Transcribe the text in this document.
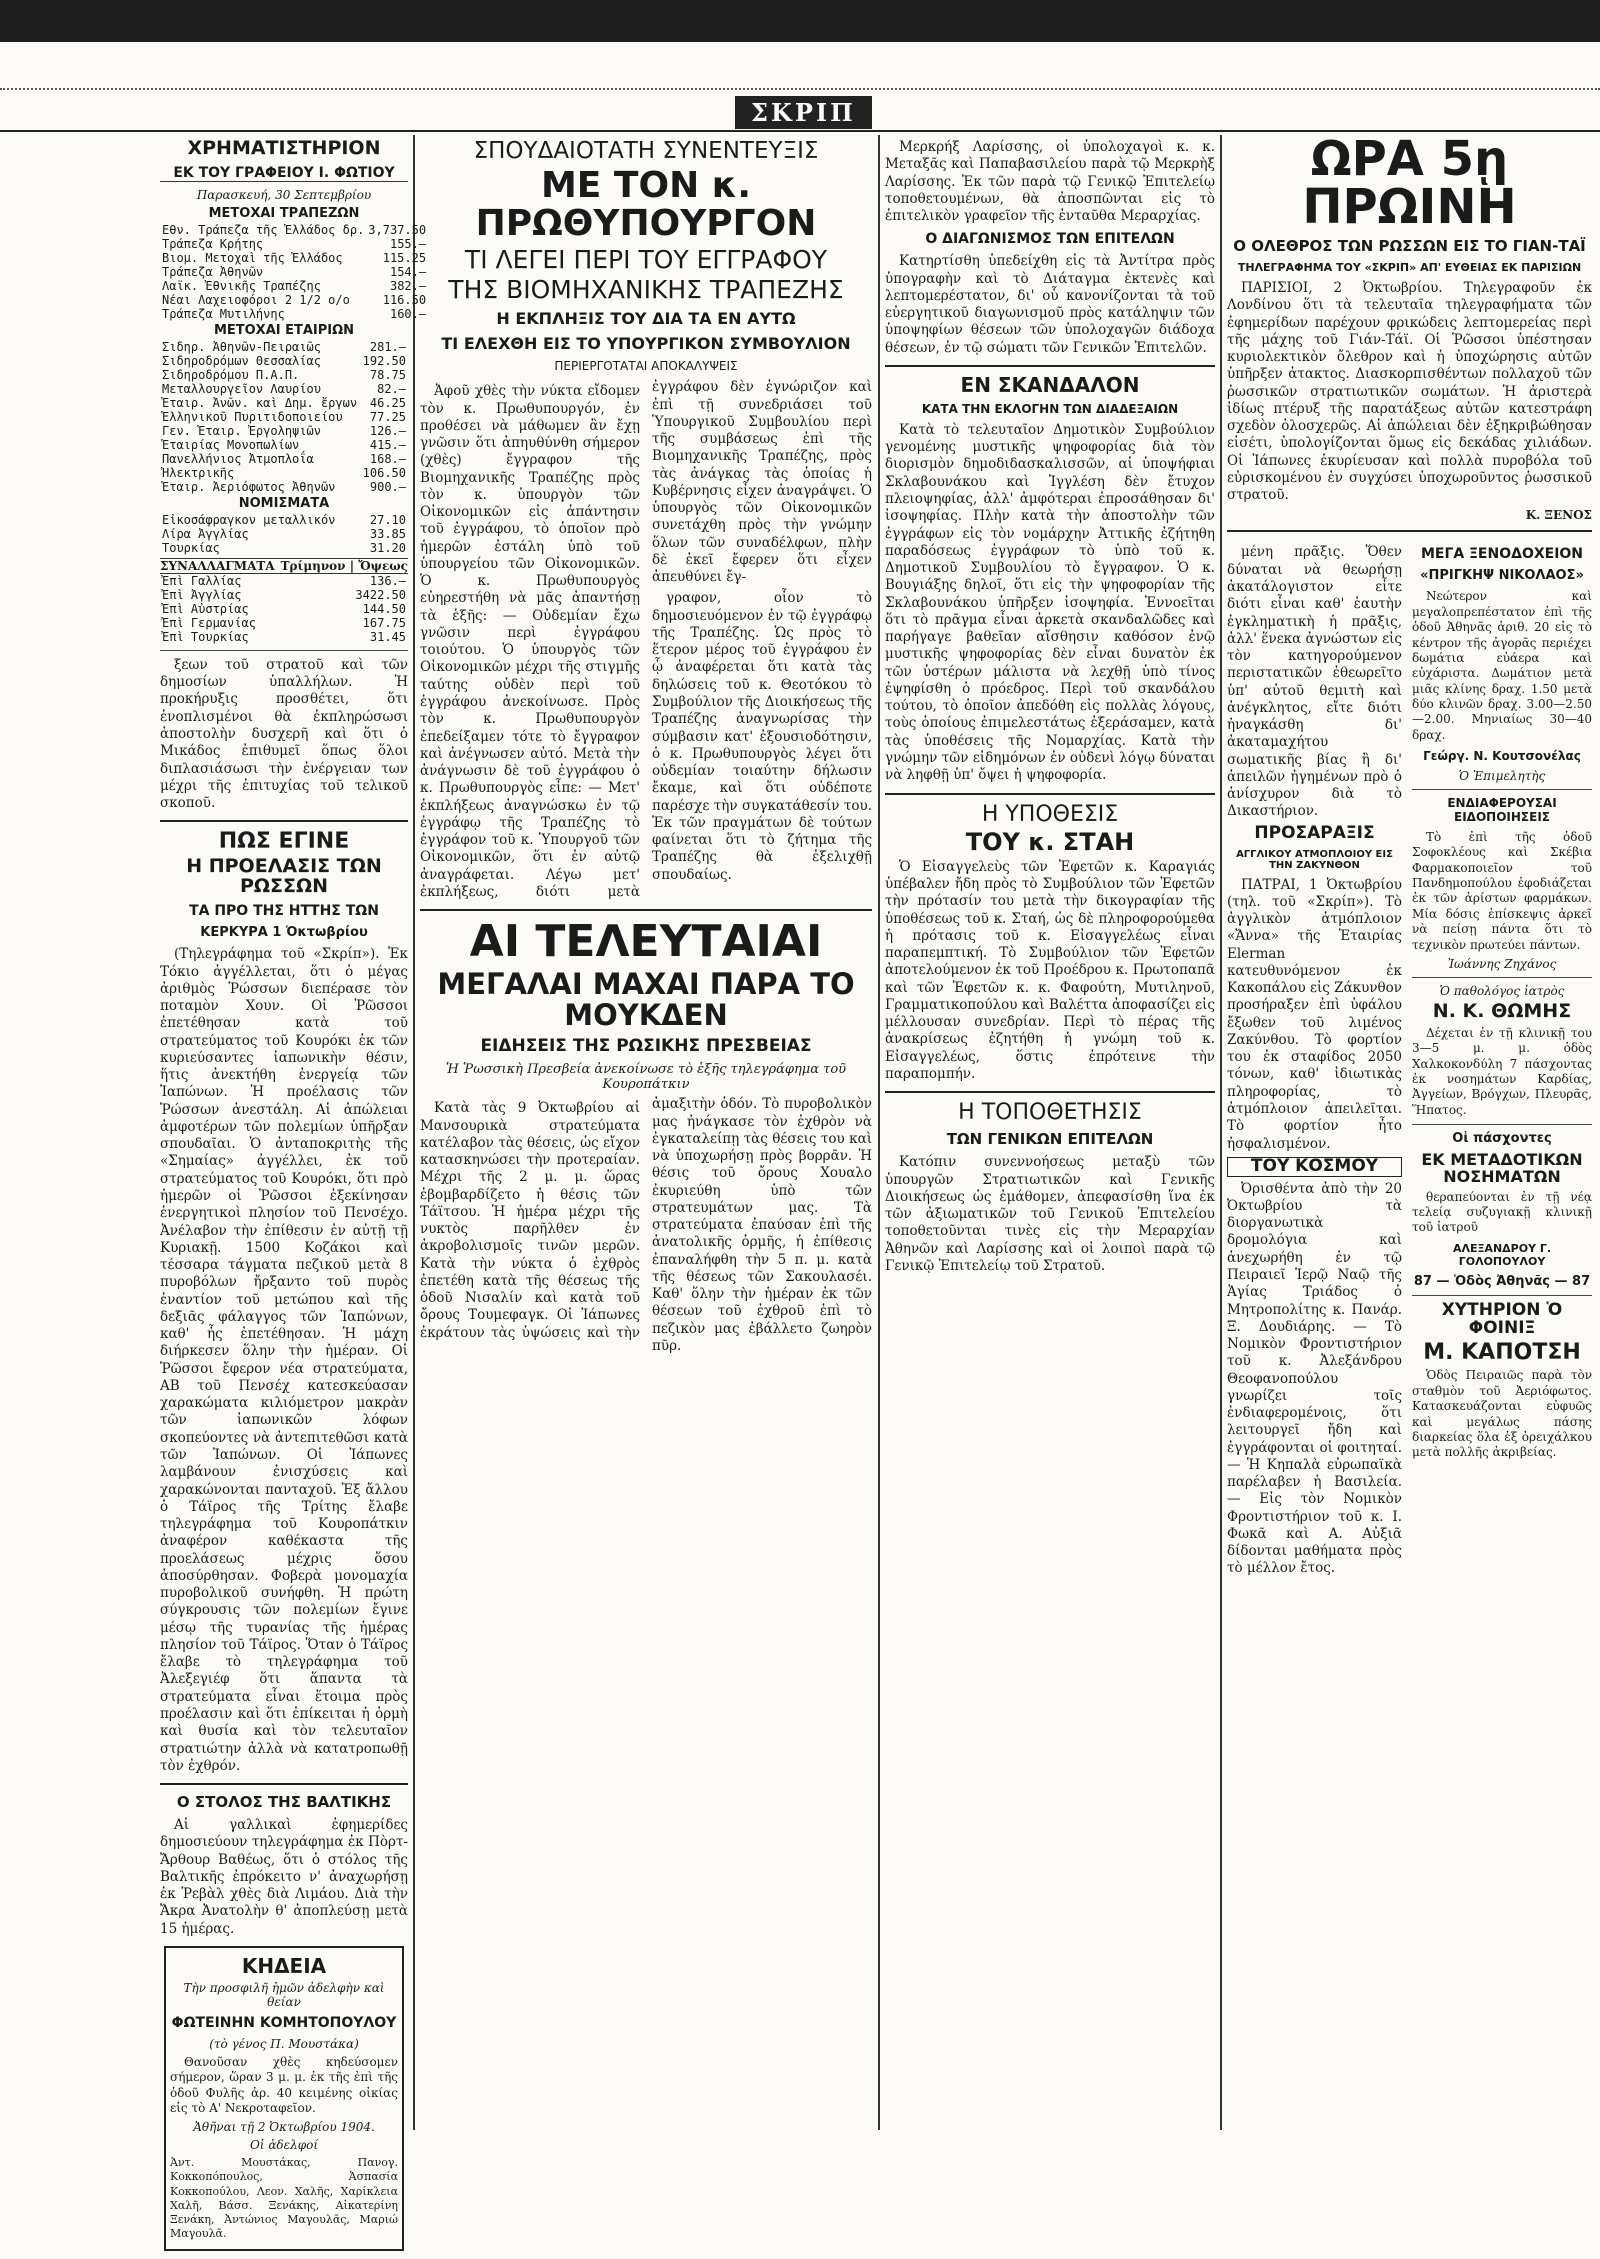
ΣΚΡΙΠ
ΧΡΗΜΑΤΙΣΤΗΡΙΟΝ
ΕΚ ΤΟΥ ΓΡΑΦΕΙΟΥ Ι. ΦΩΤΙΟΥ
Παρασκευή, 30 Σεπτεμβρίου
ΜΕΤΟΧΑΙ ΤΡΑΠΕΖΩΝ
Εθν. Τράπεζα τῆς Ἑλλάδος δρ.	3,737.50
Τράπεζα Κρήτης	155.—
Βιομ. Μετοχαὶ τῆς Ἑλλάδος	115.25
Τράπεζα Ἀθηνῶν	154.—
Λαϊκ. Ἐθνικῆς Τραπέζης	382.—
Νέαι Λαχειοφόροι 2 1/2 ο/ο	116.50
Τράπεζα Μυτιλήνης	160.—
ΜΕΤΟΧΑΙ ΕΤΑΙΡΙΩΝ
Σιδηρ. Ἀθηνῶν-Πειραιῶς	281.—
Σιδηροδρόμων Θεσσαλίας	192.50
Σιδηροδρόμου Π.Α.Π.	78.75
Μεταλλουργεῖον Λαυρίου	82.—
Ἑταιρ. Ἀνῶν. καὶ Δημ. ἔργων	46.25
Ἑλληνικοῦ Πυριτιδοποιείου	77.25
Γεν. Ἑταιρ. Ἐργοληψιῶν	126.—
Ἑταιρίας Μονοπωλίων	415.—
Πανελλήνιος Ἀτμοπλοΐα	168.—
Ἠλεκτρικῆς	106.50
Ἑταιρ. Ἀεριόφωτος Ἀθηνῶν	900.—
ΝΟΜΙΣΜΑΤΑ
Εἰκοσάφραγκον μεταλλικόν	27.10
Λίρα Ἀγγλίας	33.85
Τουρκίας	31.20
ΣΥΝΑΛΛΑΓΜΑΤΑ Τρίμηνον | Ὄψεως
Ἐπὶ Γαλλίας	136.—
Ἐπὶ Ἀγγλίας	3422.50
Ἐπὶ Αὐστρίας	144.50
Ἐπὶ Γερμανίας	167.75
Ἐπὶ Τουρκίας	31.45

ξεων τοῦ στρατοῦ καὶ τῶν δημοσίων ὑπαλλήλων. Ἡ προκήρυξις προσθέτει, ὅτι ἐνοπλισμένοι θὰ ἐκπληρώσωσι ἀποστολὴν δυσχερῆ καὶ ὅτι ὁ Μικάδος ἐπιθυμεῖ ὅπως ὅλοι διπλασιάσωσι τὴν ἐνέργειαν των μέχρι τῆς ἐπιτυχίας τοῦ τελικοῦ σκοποῦ.

ΠΩΣ ΕΓΙΝΕ
Η ΠΡΟΕΛΑΣΙΣ ΤΩΝ ΡΩΣΣΩΝ
ΤΑ ΠΡΟ ΤΗΣ ΗΤΤΗΣ ΤΩΝ
ΚΕΡΚΥΡΑ 1 Ὀκτωβρίου

(Τηλεγράφημα τοῦ «Σκρίπ»). Ἐκ Τόκιο ἀγγέλλεται, ὅτι ὁ μέγας ἀριθμὸς Ῥώσσων διεπέρασε τὸν ποταμὸν Χουν. Οἱ Ῥῶσσοι ἐπετέθησαν κατὰ τοῦ στρατεύματος τοῦ Κουρόκι ἐκ τῶν κυριεύσαντες ἰαπωνικὴν θέσιν, ἥτις ἀνεκτήθη ἐνεργείᾳ τῶν Ἰαπώνων. Ἡ προέλασις τῶν Ῥώσσων ἀνεστάλη. Αἱ ἀπώλειαι ἀμφοτέρων τῶν πολεμίων ὑπῆρξαν σπουδαῖαι. Ὁ ἀνταποκριτὴς τῆς «Σημαίας» ἀγγέλλει, ἐκ τοῦ στρατεύματος τοῦ Κουρόκι, ὅτι πρὸ ἡμερῶν οἱ Ῥῶσσοι ἐξεκίνησαν ἐνεργητικοὶ πλησίον τοῦ Πενσέχο. Ἀνέλαβον τὴν ἐπίθεσιν ἐν αὐτῇ τῇ Κυριακῇ. 1500 Κοζάκοι καὶ τέσσαρα τάγματα πεζικοῦ μετὰ 8 πυροβόλων ἤρξαντο τοῦ πυρὸς ἐναντίον τοῦ μετώπου καὶ τῆς δεξιᾶς φάλαγγος τῶν Ἰαπώνων, καθ' ἧς ἐπετέθησαν. Ἡ μάχη διήρκεσεν ὅλην τὴν ἡμέραν. Οἱ Ῥῶσσοι ἔφερον νέα στρατεύματα, ΑΒ τοῦ Πενσέχ κατεσκεύασαν χαρακώματα κιλιόμετρον μακρὰν τῶν ἰαπωνικῶν λόφων σκοπεύοντες νὰ ἀντεπιτεθῶσι κατὰ τῶν Ἰαπώνων. Οἱ Ἰάπωνες λαμβάνουν ἐνισχύσεις καὶ χαρακώνονται πανταχοῦ. Ἐξ ἄλλου ὁ Τάϊρος τῆς Τρίτης ἔλαβε τηλεγράφημα τοῦ Κουροπάτκιν ἀναφέρον καθέκαστα τῆς προελάσεως μέχρις ὅσου ἀποσύρθησαν. Φοβερὰ μονομαχία πυροβολικοῦ συνήφθη. Ἡ πρώτη σύγκρουσις τῶν πολεμίων ἔγινε μέσῳ τῆς τυρανίας τῆς ἡμέρας πλησίον τοῦ Τάϊρος. Ὅταν ὁ Τάϊρος ἔλαβε τὸ τηλεγράφημα τοῦ Ἀλεξεγιέφ ὅτι ἅπαντα τὰ στρατεύματα εἶναι ἕτοιμα πρὸς προέλασιν καὶ ὅτι ἐπίκειται ἡ ὁρμὴ καὶ θυσία καὶ τὸν τελευταῖον στρατιώτην ἀλλὰ νὰ κατατροπωθῇ τὸν ἐχθρόν.

Ο ΣΤΟΛΟΣ ΤΗΣ ΒΑΛΤΙΚΗΣ

Αἱ γαλλικαὶ ἐφημερίδες δημοσιεύουν τηλεγράφημα ἐκ Πὸρτ-Ἄρθουρ Βαθέως, ὅτι ὁ στόλος τῆς Βαλτικῆς ἐπρόκειτο ν' ἀναχωρήσῃ ἐκ Ῥεβὰλ χθὲς διὰ Λιμάου. Διὰ τὴν Ἄκρα Ἀνατολὴν θ' ἀποπλεύσῃ μετὰ 15 ἡμέρας.

ΚΗΔΕΙΑ
Τὴν προσφιλῆ ἡμῶν ἀδελφὴν καὶ θείαν
ΦΩΤΕΙΝΗΝ ΚΟΜΗΤΟΠΟΥΛΟΥ
(τὸ γένος Π. Μουστάκα)

Θανοῦσαν χθὲς κηδεύσομεν σήμερον, ὥραν 3 μ. μ. ἐκ τῆς ἐπὶ τῆς ὁδοῦ Φυλῆς ἀρ. 40 κειμένης οἰκίας εἰς τὸ Α' Νεκροταφεῖον.

Ἀθῆναι τῇ 2 Ὀκτωβρίου 1904.
Οἱ ἀδελφοί

Ἀντ. Μουστάκας, Πανογ. Κοκκοπόπουλος, Ἀσπασία Κοκκοπούλου, Λεον. Χαλῆς, Χαρίκλεια Χαλῆ, Βάσσ. Ξενάκης, Αἰκατερίνη Ξενάκη, Ἀντώνιος Μαγουλᾶς, Μαριώ Μαγουλᾶ.

ΣΠΟΥΔΑΙΟΤΑΤΗ ΣΥΝΕΝΤΕΥΞΙΣ
ΜΕ ΤΟΝ κ. ΠΡΩΘΥΠΟΥΡΓΟΝ
ΤΙ ΛΕΓΕΙ ΠΕΡΙ ΤΟΥ ΕΓΓΡΑΦΟΥ
ΤΗΣ ΒΙΟΜΗΧΑΝΙΚΗΣ ΤΡΑΠΕΖΗΣ
Η ΕΚΠΛΗΞΙΣ ΤΟΥ ΔΙΑ ΤΑ ΕΝ ΑΥΤΩ
ΤΙ ΕΛΕΧΘΗ ΕΙΣ ΤΟ ΥΠΟΥΡΓΙΚΟΝ ΣΥΜΒΟΥΛΙΟΝ
ΠΕΡΙΕΡΓΟΤΑΤΑΙ ΑΠΟΚΑΛΥΨΕΙΣ

Ἀφοῦ χθὲς τὴν νύκτα εἴδομεν τὸν κ. Πρωθυπουργόν, ἐν προθέσει νὰ μάθωμεν ἂν ἔχῃ γνῶσιν ὅτι ἀπηυθύνθη σήμερον (χθὲς) ἔγγραφον τῆς Βιομηχανικῆς Τραπέζης πρὸς τὸν κ. ὑπουργὸν τῶν Οἰκονομικῶν εἰς ἀπάντησιν τοῦ ἐγγράφου, τὸ ὁποῖον πρὸ ἡμερῶν ἐστάλη ὑπὸ τοῦ ὑπουργείου τῶν Οἰκονομικῶν. Ὁ κ. Πρωθυπουργὸς εὐηρεστήθη νὰ μᾶς ἀπαντήσῃ τὰ ἑξῆς: — Οὐδεμίαν ἔχω γνῶσιν περὶ ἐγγράφου τοιούτου. Ὁ ὑπουργὸς τῶν Οἰκονομικῶν μέχρι τῆς στιγμῆς ταύτης οὐδὲν περὶ τοῦ ἐγγράφου ἀνεκοίνωσε. Πρὸς τὸν κ. Πρωθυπουργὸν ἐπεδείξαμεν τότε τὸ ἔγγραφον καὶ ἀνέγνωσεν αὐτό. Μετὰ τὴν ἀνάγνωσιν δὲ τοῦ ἐγγράφου ὁ κ. Πρωθυπουργὸς εἶπε: — Μετ' ἐκπλήξεως ἀναγνώσκω ἐν τῷ ἐγγράφῳ τῆς Τραπέζης τὸ ἐγγράφον τοῦ κ. Ὑπουργοῦ τῶν Οἰκονομικῶν, ὅτι ἐν αὐτῷ ἀναγράφεται. Λέγω μετ' ἐκπλήξεως, διότι μετὰ ἐγγράφου δὲν ἐγνώριζον καὶ ἐπὶ τῇ συνεδριάσει τοῦ Ὑπουργικοῦ Συμβουλίου περὶ τῆς συμβάσεως ἐπὶ τῆς Βιομηχανικῆς Τραπέζης, πρὸς τὰς ἀνάγκας τὰς ὁποίας ἡ Κυβέρνησις εἶχεν ἀναγράψει. Ὁ ὑπουργὸς τῶν Οἰκονομικῶν συνετάχθη πρὸς τὴν γνώμην ὅλων τῶν συναδέλφων, πλὴν δὲ ἐκεῖ ἔφερεν ὅτι εἶχεν ἀπευθύνει ἔγ-

γραφον, οἷον τὸ δημοσιευόμενον ἐν τῷ ἐγγράφῳ τῆς Τραπέζης. Ὡς πρὸς τὸ ἕτερον μέρος τοῦ ἐγγράφου ἐν ᾧ ἀναφέρεται ὅτι κατὰ τὰς δηλώσεις τοῦ κ. Θεοτόκου τὸ Συμβούλιον τῆς Διοικήσεως τῆς Τραπέζης ἀναγνωρίσας τὴν σύμβασιν κατ' ἐξουσιοδότησιν, ὁ κ. Πρωθυπουργὸς λέγει ὅτι οὐδεμίαν τοιαύτην δήλωσιν ἔκαμε, καὶ ὅτι οὐδέποτε παρέσχε τὴν συγκατάθεσίν του. Ἐκ τῶν πραγμάτων δὲ τούτων φαίνεται ὅτι τὸ ζήτημα τῆς Τραπέζης θὰ ἐξελιχθῇ σπουδαίως.

ΑΙ ΤΕΛΕΥΤΑΙΑΙ
ΜΕΓΑΛΑΙ ΜΑΧΑΙ ΠΑΡΑ ΤΟ ΜΟΥΚΔΕΝ
ΕΙΔΗΣΕΙΣ ΤΗΣ ΡΩΣΙΚΗΣ ΠΡΕΣΒΕΙΑΣ
Ἡ Ῥωσσικὴ Πρεσβεία ἀνεκοίνωσε τὸ ἑξῆς τηλεγράφημα τοῦ Κουροπάτκιν

Κατὰ τὰς 9 Ὀκτωβρίου αἱ Μανσουρικὰ στρατεύματα κατέλαβον τὰς θέσεις, ὡς εἴχον κατασκηνώσει τὴν προτεραίαν. Μέχρι τῆς 2 μ. μ. ὥρας ἐβομβαρδίζετο ἡ θέσις τῶν Τάϊτσου. Ἡ ἡμέρα μέχρι τῆς νυκτὸς παρῆλθεν ἐν ἀκροβολισμοῖς τινῶν μερῶν. Κατὰ τὴν νύκτα ὁ ἐχθρὸς ἐπετέθη κατὰ τῆς θέσεως τῆς ὁδοῦ Νισαλίν καὶ κατὰ τοῦ ὄρους Τουμεφαγκ. Οἱ Ἰάπωνες ἐκράτουν τὰς ὑψώσεις καὶ τὴν ἀμαξιτὴν ὁδόν. Τὸ πυροβολικὸν μας ἠνάγκασε τὸν ἐχθρὸν νὰ ἐγκαταλείπῃ τὰς θέσεις του καὶ νὰ ὑποχωρήσῃ πρὸς βορρᾶν. Ἡ θέσις τοῦ ὄρους Χουαλο ἐκυριεύθη ὑπὸ τῶν στρατευμάτων μας. Τὰ στρατεύματα ἐπαύσαν ἐπὶ τῆς ἀνατολικῆς ὁρμῆς, ἡ ἐπίθεσις ἐπαναλήφθη τὴν 5 π. μ. κατὰ τῆς θέσεως τῶν Σακουλασέι. Καθ' ὅλην τὴν ἡμέραν ἐκ τῶν θέσεων τοῦ ἐχθροῦ ἐπὶ τὸ πεζικὸν μας ἐβάλλετο ζωηρὸν πῦρ.

Μερκρήξ Λαρίσσης, οἱ ὑπολοχαγοὶ κ. κ. Μεταξᾶς καὶ Παπαβασιλείου παρὰ τῷ Μερκρὴξ Λαρίσσης. Ἐκ τῶν παρὰ τῷ Γενικῷ Ἐπιτελείῳ τοποθετουμένων, θὰ ἀποσπῶνται εἰς τὸ ἐπιτελικὸν γραφεῖον τῆς ἐνταῦθα Μεραρχίας.

Ο ΔΙΑΓΩΝΙΣΜΟΣ ΤΩΝ ΕΠΙΤΕΛΩΝ

Κατηρτίσθη ὑπεδείχθη εἰς τὰ Ἀντίτρα πρὸς ὑπογραφὴν καὶ τὸ Διάταγμα ἐκτενὲς καὶ λεπτομερέστατον, δι' οὗ κανονίζονται τὰ τοῦ εὐεργητικοῦ διαγωνισμοῦ πρὸς κατάληψιν τῶν ὑποψηφίων θέσεων τῶν ὑπολοχαγῶν διάδοχα θέσεων, ἐν τῷ σώματι τῶν Γενικῶν Ἐπιτελῶν.

ΕΝ ΣΚΑΝΔΑΛΟΝ
ΚΑΤΑ ΤΗΝ ΕΚΛΟΓΗΝ ΤΩΝ ΔΙΑΔΕΞΑΙΩΝ

Κατὰ τὸ τελευταῖον Δημοτικὸν Συμβούλιον γενομένης μυστικῆς ψηφοφορίας διὰ τὸν διορισμὸν δημοδιδασκαλισσῶν, αἱ ὑποψήφιαι Σκλαβουνάκου καὶ Ἰγγλέση δὲν ἔτυχον πλειοψηφίας, ἀλλ' ἀμφότεραι ἐπροσάθησαν δι' ἰσοψηφίας. Πλὴν κατὰ τὴν ἀποστολὴν τῶν ἐγγράφων εἰς τὸν νομάρχην Ἀττικῆς ἐζήτηθη παραδόσεως ἐγγράφων τὸ ὑπὸ τοῦ κ. Δημοτικοῦ Συμβουλίου τὸ ἔγγραφον. Ὁ κ. Βουγιάξης δηλοῖ, ὅτι εἰς τὴν ψηφοφορίαν τῆς Σκλαβουνάκου ὑπῆρξεν ἰσοψηφία. Ἐννοεῖται ὅτι τὸ πρᾶγμα εἶναι ἀρκετὰ σκανδαλῶδες καὶ παρήγαγε βαθεῖαν αἴσθησιν καθόσον ἐνῷ μυστικῆς ψηφοφορίας δὲν εἶναι δυνατὸν ἐκ τῶν ὑστέρων μάλιστα νὰ λεχθῇ ὑπὸ τίνος ἐψηφίσθη ὁ πρόεδρος. Περὶ τοῦ σκανδάλου τούτου, τὸ ὁποῖον ἀπεδόθη εἰς πολλὰς λόγους, τοὺς ὁποίους ἐπιμελεστάτως ἐξεράσαμεν, κατὰ τὰς ὑποθέσεις τῆς Νομαρχίας. Κατὰ τὴν γνώμην τῶν εἰδημόνων ἐν οὐδενὶ λόγῳ δύναται νὰ ληφθῇ ὑπ' ὄψει ἡ ψηφοφορία.

Η ΥΠΟΘΕΣΙΣ
ΤΟΥ κ. ΣΤΑΗ

Ὁ Εἰσαγγελεὺς τῶν Ἐφετῶν κ. Καραγιάς ὑπέβαλεν ἤδη πρὸς τὸ Συμβούλιον τῶν Ἐφετῶν τὴν πρότασίν του μετὰ τὴν δικογραφίαν τῆς ὑποθέσεως τοῦ κ. Σταή, ὡς δὲ πληροφορούμεθα ἡ πρότασις τοῦ κ. Εἰσαγγελέως εἶναι παραπεμπτική. Τὸ Συμβούλιον τῶν Ἐφετῶν ἀποτελούμενον ἐκ τοῦ Προέδρου κ. Πρωτοπαπᾶ καὶ τῶν Ἐφετῶν κ. κ. Φαφούτη, Μυτιληνοῦ, Γραμματικοπούλου καὶ Βαλέττα ἀποφασίζει εἰς μέλλουσαν συνεδρίαν. Περὶ τὸ πέρας τῆς ἀνακρίσεως ἐζητήθη ἡ γνώμη τοῦ κ. Εἰσαγγελέως, ὅστις ἐπρότεινε τὴν παραπομπήν.

Η ΤΟΠΟΘΕΤΗΣΙΣ
ΤΩΝ ΓΕΝΙΚΩΝ ΕΠΙΤΕΛΩΝ

Κατόπιν συνεννοήσεως μεταξὺ τῶν ὑπουργῶν Στρατιωτικῶν καὶ Γενικῆς Διοικήσεως ὡς ἐμάθομεν, ἀπεφασίσθη ἵνα ἐκ τῶν ἀξιωματικῶν τοῦ Γενικοῦ Ἐπιτελείου τοποθετοῦνται τινὲς εἰς τὴν Μεραρχίαν Ἀθηνῶν καὶ Λαρίσσης καὶ οἱ λοιποὶ παρὰ τῷ Γενικῷ Ἐπιτελείῳ τοῦ Στρατοῦ.

ΩΡΑ 5ῃ ΠΡΩΙΝΗ
Ο ΟΛΕΘΡΟΣ ΤΩΝ ΡΩΣΣΩΝ ΕΙΣ ΤΟ ΓΙΑΝ-ΤΑΪ
ΤΗΛΕΓΡΑΦΗΜΑ ΤΟΥ «ΣΚΡΙΠ» ΑΠ' ΕΥΘΕΙΑΣ ΕΚ ΠΑΡΙΣΙΩΝ

ΠΑΡΙΣΙΟΙ, 2 Ὀκτωβρίου. Τηλεγραφοῦν ἐκ Λονδίνου ὅτι τὰ τελευταῖα τηλεγραφήματα τῶν ἐφημερίδων παρέχουν φρικώδεις λεπτομερείας περὶ τῆς μάχης τοῦ Γιάν-Τάϊ. Οἱ Ῥῶσσοι ὑπέστησαν κυριολεκτικὸν ὄλεθρον καὶ ἡ ὑποχώρησις αὐτῶν ὑπῆρξεν ἀτακτος. Διασκορπισθέντων πολλαχοῦ τῶν ῥωσσικῶν στρατιωτικῶν σωμάτων. Ἡ ἀριστερὰ ἰδίως πτέρυξ τῆς παρατάξεως αὐτῶν κατεστράφη σχεδὸν ὁλοσχερῶς. Αἱ ἀπώλειαι δὲν ἐξηκριβώθησαν εἰσέτι, ὑπολογίζονται ὅμως εἰς δεκάδας χιλιάδων. Οἱ Ἰάπωνες ἐκυρίευσαν καὶ πολλὰ πυροβόλα τοῦ εὐρισκομένου ἐν συγχύσει ὑποχωροῦντος ῥωσσικοῦ στρατοῦ.

Κ. ΞΕΝΟΣ

μένη πρᾶξις. Ὅθεν δύναται νὰ θεωρήσῃ ἀκατάλογιστον εἶτε διότι εἶναι καθ' ἑαυτὴν ἐγκληματικὴ ἡ πρᾶξις, ἀλλ' ἕνεκα ἀγνώστων εἰς τὸν κατηγορούμενον περιστατικῶν ἐθεωρεῖτο ὑπ' αὐτοῦ θεμιτὴ καὶ ἀνέγκλητος, εἴτε διότι ἠναγκάσθη δι' ἀκαταμαχήτου σωματικῆς βίας ἢ δι' ἀπειλῶν ἠγημένων πρὸ ὁ ἀνίσχυρον διὰ τὸ Δικαστήριον.

ΠΡΟΣΑΡΑΞΙΣ
ΑΓΓΛΙΚΟΥ ΑΤΜΟΠΛΟΙΟΥ ΕΙΣ ΤΗΝ ΖΑΚΥΝΘΟΝ

ΠΑΤΡΑΙ, 1 Ὀκτωβρίου (τηλ. τοῦ «Σκρίπ»). Τὸ ἀγγλικὸν ἀτμόπλοιον «Ἄννα» τῆς Ἑταιρίας Εlerman κατευθυνόμενον ἐκ Κακοπάλου εἰς Ζάκυνθον προσήραξεν ἐπὶ ὑφάλου ἔξωθεν τοῦ λιμένος Ζακύνθου. Τὸ φορτίον του ἐκ σταφίδος 2050 τόνων, καθ' ἰδιωτικὰς πληροφορίας, τὸ ἀτμόπλοιον ἀπειλεῖται. Τὸ φορτίον ἦτο ἠσφαλισμένον.

ΤΟΥ ΚΟΣΜΟΥ

Ὀρισθέντα ἀπὸ τὴν 20 Ὀκτωβρίου τὰ διοργανωτικὰ δρομολόγια καὶ ἀνεχωρήθη ἐν τῷ Πειραιεῖ Ἱερῷ Ναῷ τῆς Ἁγίας Τριάδος ὁ Μητροπολίτης κ. Πανάρ. Ξ. Δουδιάρης. — Τὸ Νομικὸν Φροντιστήριον τοῦ κ. Ἀλεξάνδρου Θεοφανοπούλου γνωρίζει τοῖς ἐνδιαφερομένοις, ὅτι λειτουργεῖ ἤδη καὶ ἐγγράφονται οἱ φοιτηταί. — Ἡ Κηπαλὰ εὐρωπαϊκὰ παρέλαβεν ἡ Βασιλεία. — Εἰς τὸν Νομικὸν Φροντιστήριον τοῦ κ. Ι. Φωκᾶ καὶ Α. Αὐξιᾶ δίδονται μαθήματα πρὸς τὸ μέλλον ἔτος.

ΜΕΓΑ ΞΕΝΟΔΟΧΕΙΟΝ
«ΠΡΙΓΚΗΨ ΝΙΚΟΛΑΟΣ»

Νεώτερον καὶ μεγαλοπρεπέστατον ἐπὶ τῆς ὁδοῦ Ἀθηνᾶς ἀριθ. 20 εἰς τὸ κέντρον τῆς ἀγορᾶς περιέχει δωμάτια εὐάερα καὶ εὐχάριστα. Δωμάτιον μετὰ μιᾶς κλίνης δραχ. 1.50 μετὰ δύο κλινῶν δραχ. 3.00—2.50—2.00. Μηνιαίως 30—40 δραχ.

Γεώργ. Ν. Κουτσονέλας
Ὁ Ἐπιμελητὴς
ΕΝΔΙΑΦΕΡΟΥΣΑΙ ΕΙΔΟΠΟΙΗΣΕΙΣ

Τὸ ἐπὶ τῆς ὁδοῦ Σοφοκλέους καὶ Σκέβια Φαρμακοποιεῖον τοῦ Πανδημοπούλου ἐφοδιάζεται ἐκ τῶν ἀρίστων φαρμάκων. Μία δόσις ἐπίσκεψις ἀρκεῖ νὰ πείσῃ πάντα ὅτι τὸ τεχνικὸν πρωτεύει πάντων.

Ἰωάννης Ζηχάνος
Ὁ παθολόγος ἰατρὸς
Ν. Κ. ΘΩΜΗΣ

Δέχεται ἐν τῇ κλινικῇ του 3—5 μ. μ. ὁδὸς Χαλκοκονδύλη 7 πάσχοντας ἐκ νοσημάτων Καρδίας, Ἀγγείων, Βρόγχων, Πλευρᾶς, Ἥπατος.

Οἱ πάσχοντες
ΕΚ ΜΕΤΑΔΟΤΙΚΩΝ ΝΟΣΗΜΑΤΩΝ

θεραπεύονται ἐν τῇ νέᾳ τελείᾳ συζυγιακῇ κλινικῇ τοῦ ἰατροῦ

ΑΛΕΞΑΝΔΡΟΥ Γ. ΓΟΛΟΠΟΥΛΟΥ
87 — Ὁδὸς Ἀθηνᾶς — 87
ΧΥΤΗΡΙΟΝ Ὁ ΦΟΙΝΙΞ
Μ. ΚΑΠΟΤΣΗ

Ὁδὸς Πειραιῶς παρὰ τὸν σταθμὸν τοῦ Ἀεριόφωτος. Κατασκευάζονται εὐφυῶς καὶ μεγάλως πάσης διαρκείας ὅλα ἐξ ὀρειχάλκου μετὰ πολλῆς ἀκριβείας.
